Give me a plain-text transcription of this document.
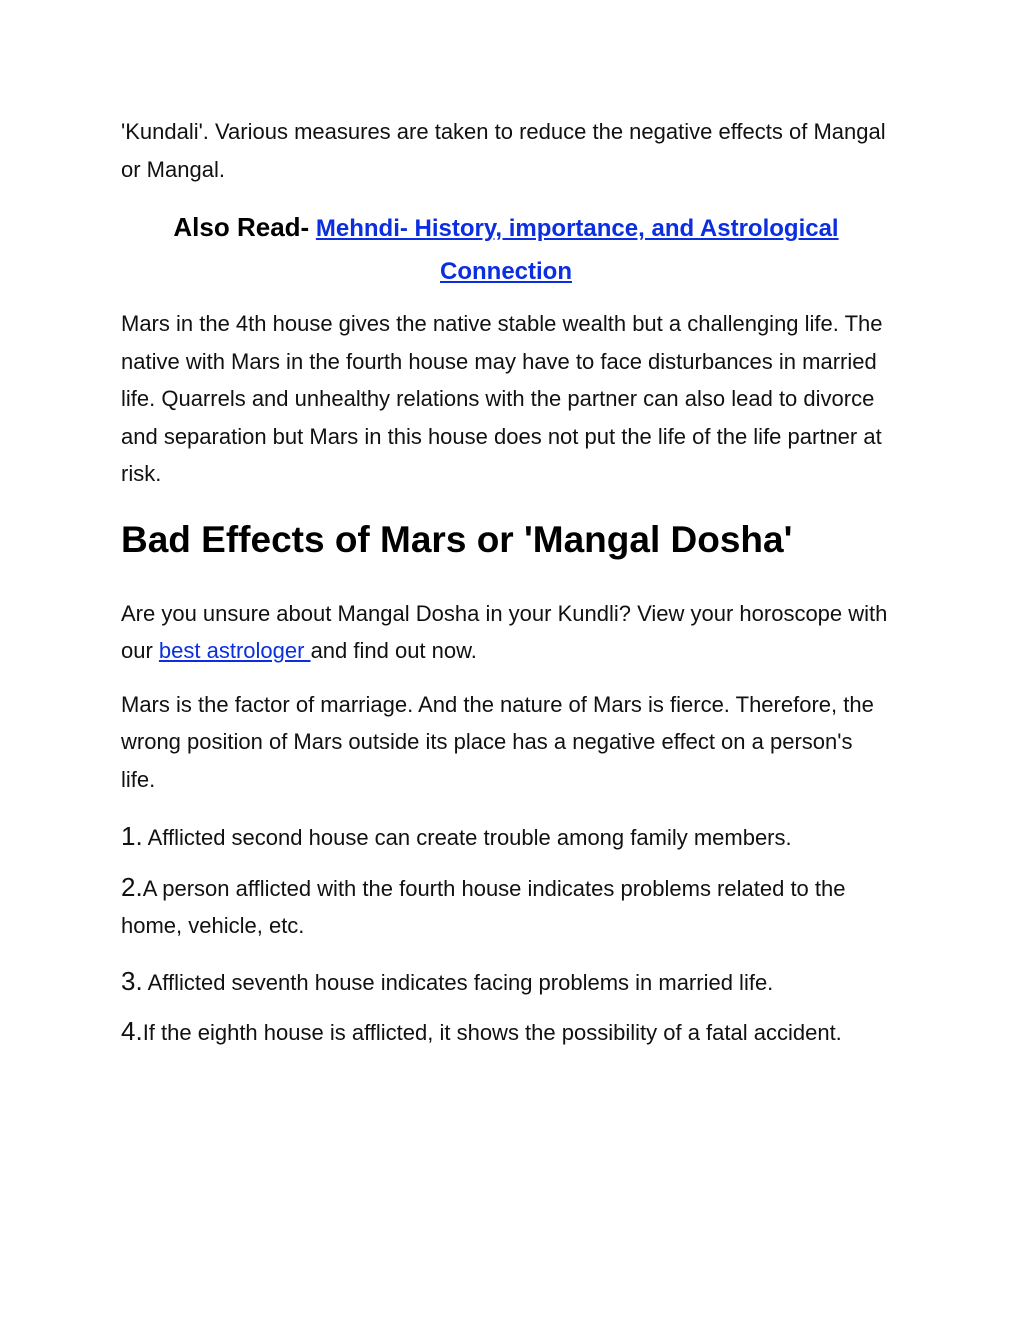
'Kundali'. Various measures are taken to reduce the negative effects of Mangal or Mangal.

Also Read- Mehndi- History, importance, and Astrological Connection

Mars in the 4th house gives the native stable wealth but a challenging life. The native with Mars in the fourth house may have to face disturbances in married life. Quarrels and unhealthy relations with the partner can also lead to divorce and separation but Mars in this house does not put the life of the life partner at risk.

Bad Effects of Mars or 'Mangal Dosha'

Are you unsure about Mangal Dosha in your Kundli? View your horoscope with our best astrologer and find out now.

Mars is the factor of marriage. And the nature of Mars is fierce. Therefore, the wrong position of Mars outside its place has a negative effect on a person's life.

1. Afflicted second house can create trouble among family members.

2.A person afflicted with the fourth house indicates problems related to the home, vehicle, etc.

3. Afflicted seventh house indicates facing problems in married life.

4.If the eighth house is afflicted, it shows the possibility of a fatal accident.
